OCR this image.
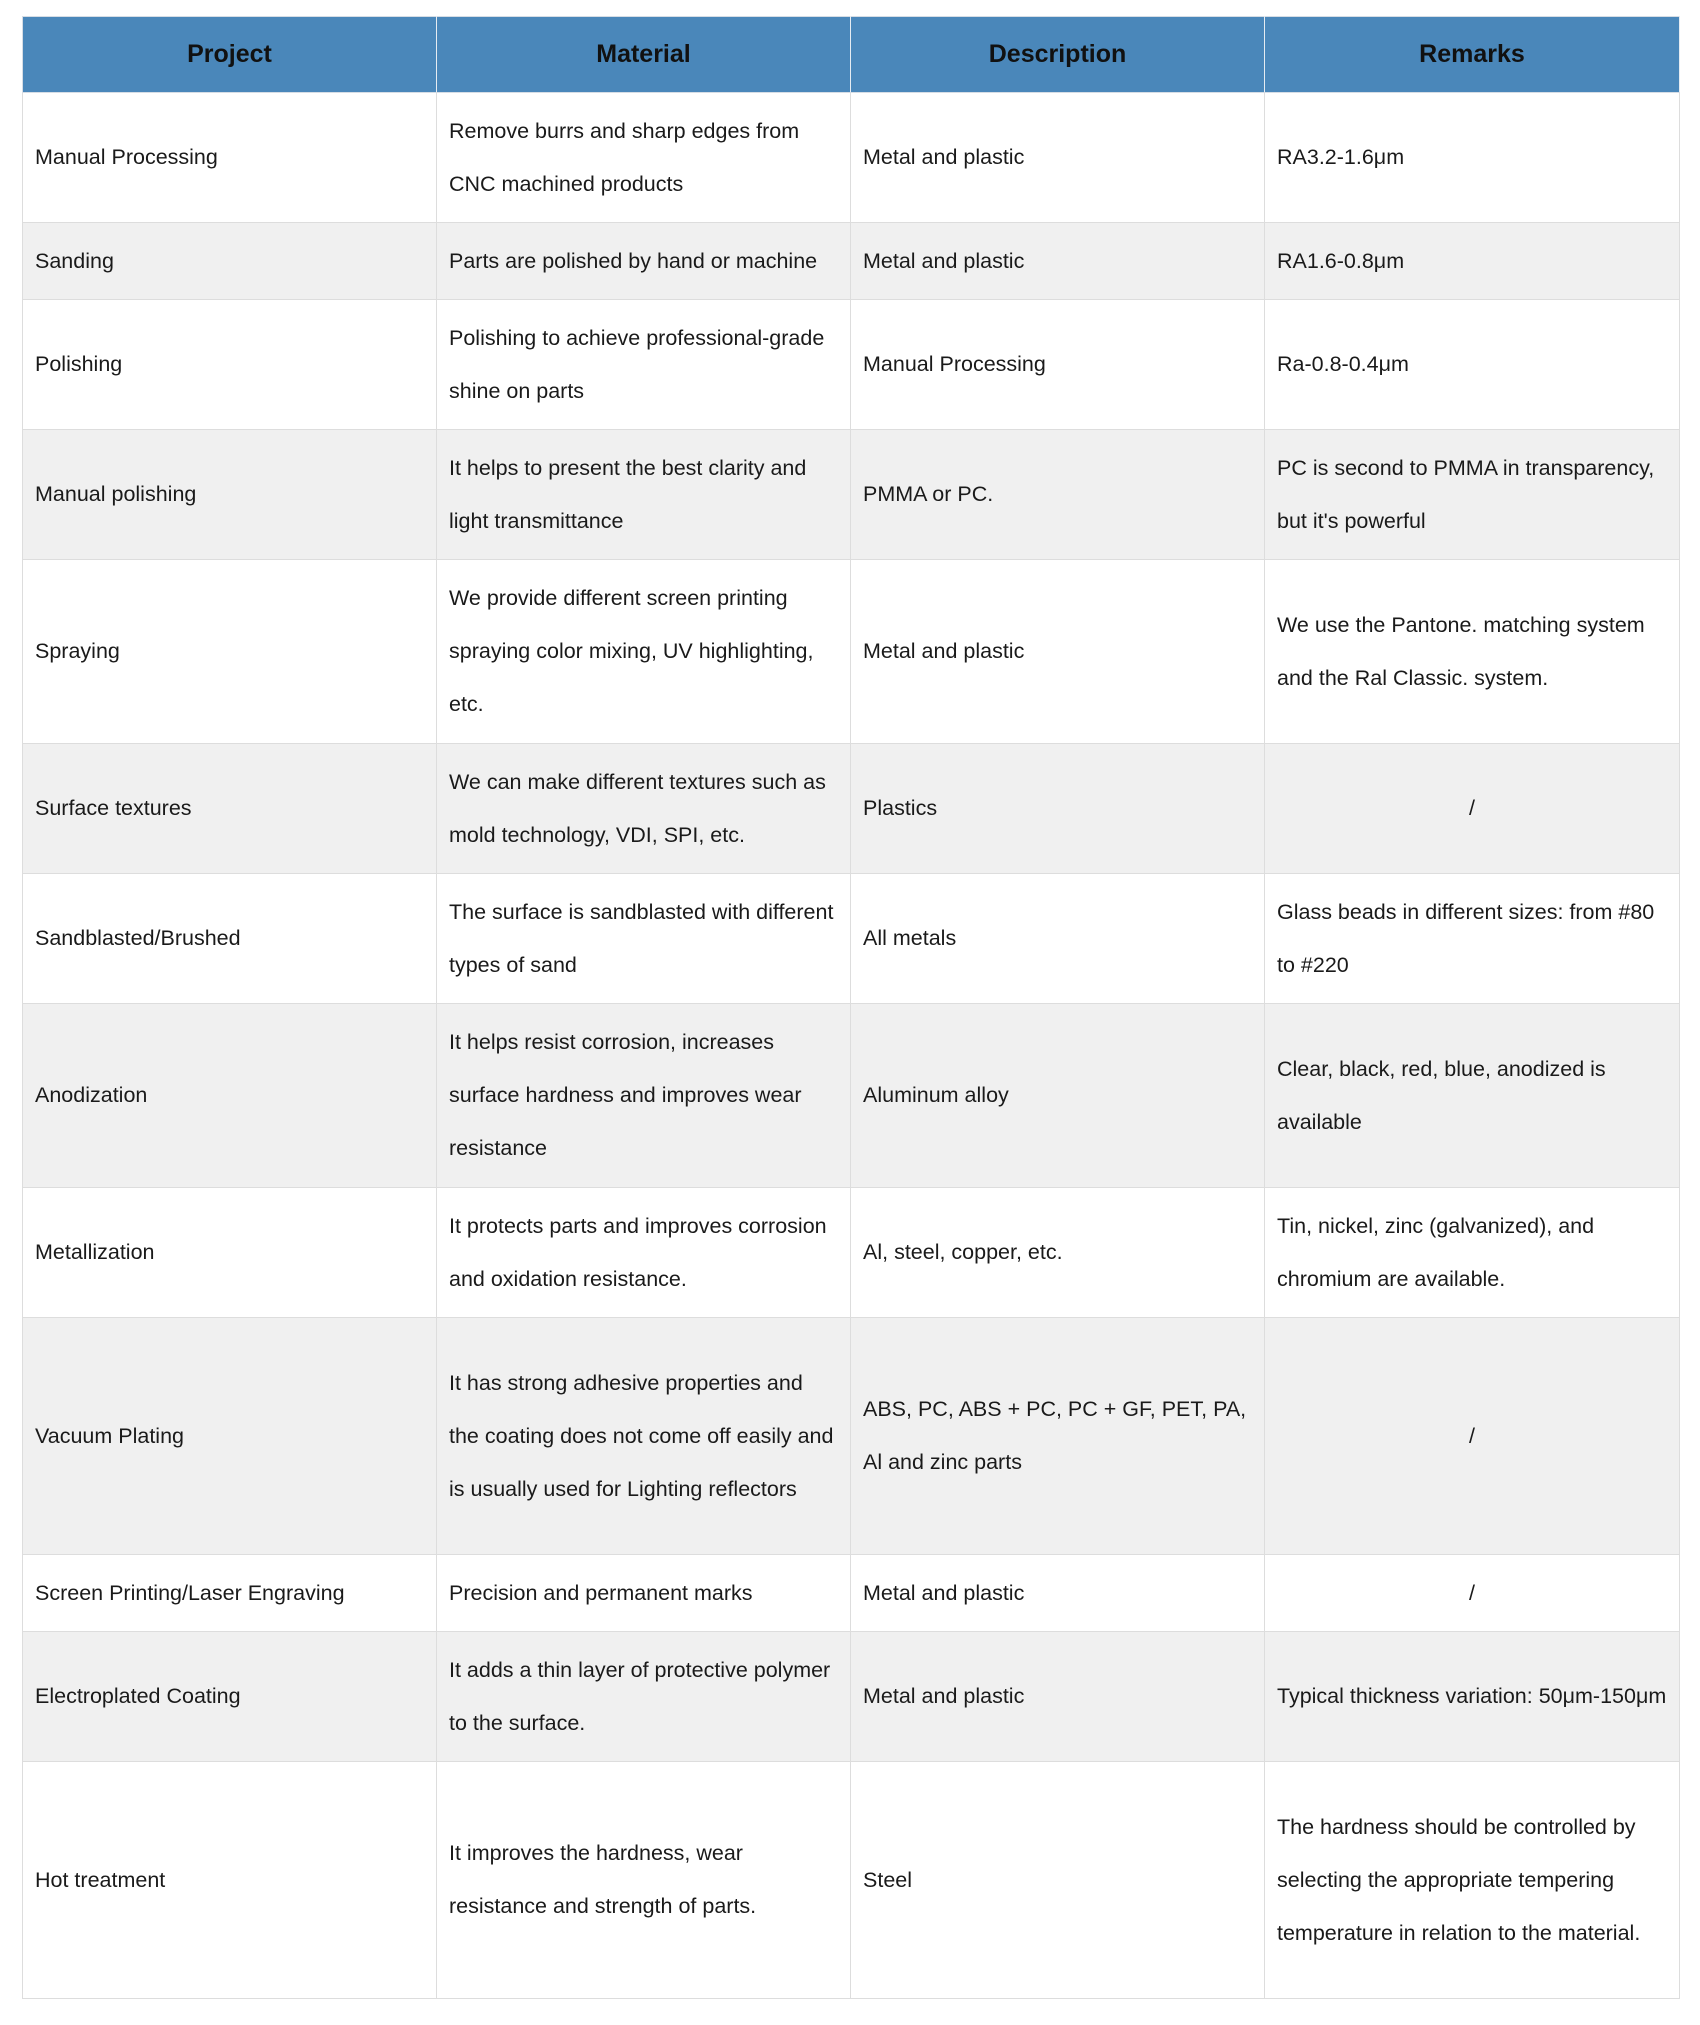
Project	Material	Description	Remarks
Manual Processing	Remove burrs and sharp edges from CNC machined products	Metal and plastic	RA3.2-1.6μm
Sanding	Parts are polished by hand or machine	Metal and plastic	RA1.6-0.8μm
Polishing	Polishing to achieve professional-grade shine on parts	Manual Processing	Ra-0.8-0.4μm
Manual polishing	It helps to present the best clarity and light transmittance	PMMA or PC.	PC is second to PMMA in transparency, but it's powerful
Spraying	We provide different screen printing spraying color mixing, UV highlighting, etc.	Metal and plastic	We use the Pantone. matching system and the Ral Classic. system.
Surface textures	We can make different textures such as mold technology, VDI, SPI, etc.	Plastics	/
Sandblasted/Brushed	The surface is sandblasted with different types of sand	All metals	Glass beads in different sizes: from #80 to #220
Anodization	It helps resist corrosion, increases surface hardness and improves wear resistance	Aluminum alloy	Clear, black, red, blue, anodized is available
Metallization	It protects parts and improves corrosion and oxidation resistance.	Al, steel, copper, etc.	Tin, nickel, zinc (galvanized), and chromium are available.
Vacuum Plating	It has strong adhesive properties and the coating does not come off easily and is usually used for Lighting reflectors	ABS, PC, ABS + PC, PC + GF, PET, PA, Al and zinc parts	/
Screen Printing/Laser Engraving	Precision and permanent marks	Metal and plastic	/
Electroplated Coating	It adds a thin layer of protective polymer to the surface.	Metal and plastic	Typical thickness variation: 50μm-150μm
Hot treatment	It improves the hardness, wear resistance and strength of parts.	Steel	The hardness should be controlled by selecting the appropriate tempering temperature in relation to the material.
